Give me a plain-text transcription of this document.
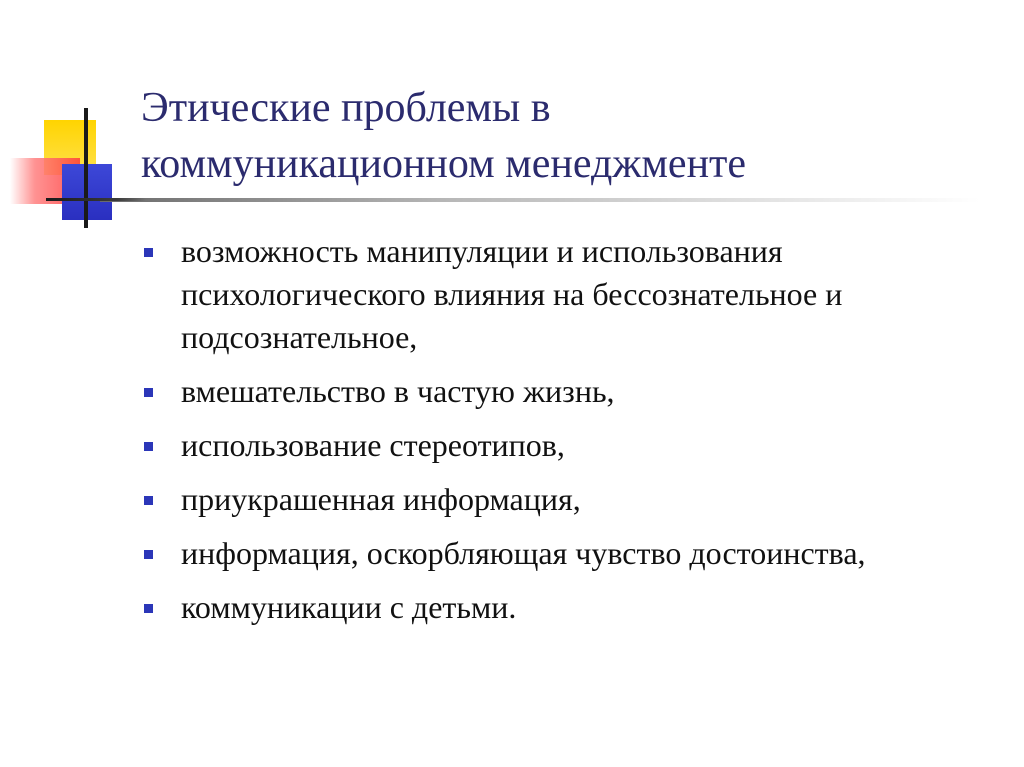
Этические проблемы в
коммуникационном менеджменте
возможность манипуляции и использования психологического влияния на бессознательное и подсознательное,
вмешательство в частую жизнь,
использование стереотипов,
приукрашенная информация,
информация, оскорбляющая чувство достоинства,
коммуникации с детьми.
